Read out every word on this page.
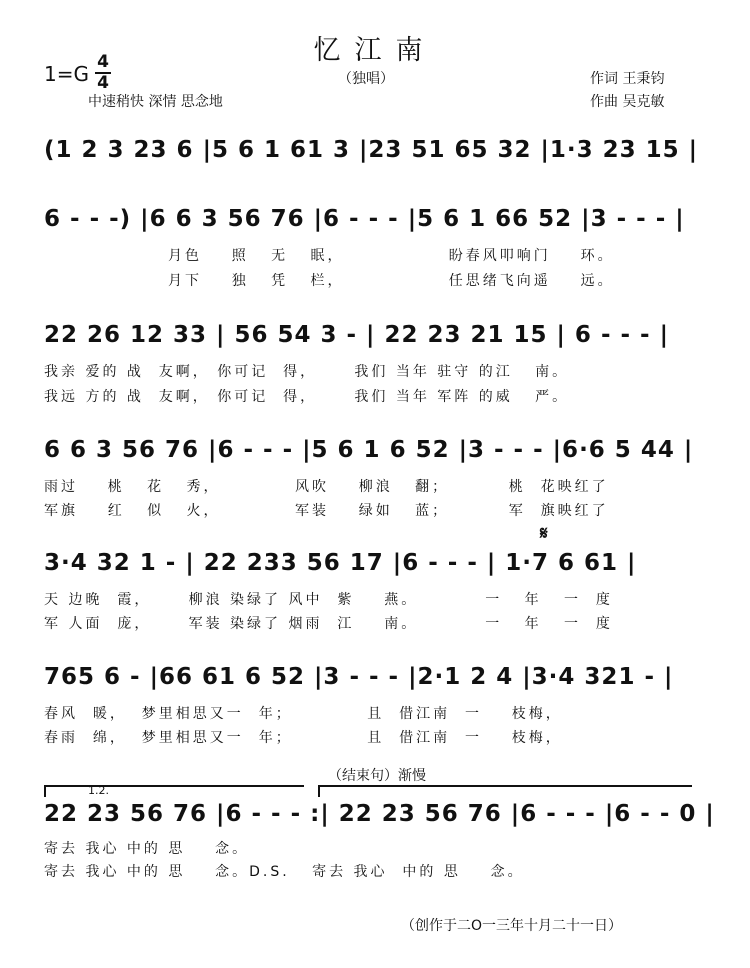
忆江南
1=G 4
4	（独唱）
中速稍快 深情 思念地
作词 王秉钧
作曲 吴克敏
(1 2 3 23 6 |5 6 1 61 3 |23 51 65 32 |1·3 23 15 |
6 - - -) |6 6 3 56 76 |6 - - - |5 6 1 66 52 |3 - - - |
月色    照   无   眠，              盼春风叩响门    环。
月下    独   凭   栏，              任思绪飞向遥    远。
22 26 12 33 | 56 54 3 - | 22 23 21 15 | 6 - - - |
我亲 爱的 战  友啊， 你可记  得，     我们 当年 驻守 的江   南。
我远 方的 战  友啊， 你可记  得，     我们 当年 军阵 的威   严。
6 6 3 56 76 |6 - - - |5 6 1 6 52 |3 - - - |6·6 5 44 |
雨过    桃   花   秀，          风吹    柳浪   翻；        桃  花映红了
军旗    红   似   火，          军装    绿如   蓝；        军  旗映红了
𝄋
3·4 32 1 - | 22 233 56 17 |6 - - - | 1·7 6 61 |
天 边晚  霞，     柳浪 染绿了 风中  紫    燕。         一   年   一  度
军 人面  庞，     军装 染绿了 烟雨  江    南。         一   年   一  度
765 6 - |66 61 6 52 |3 - - - |2·1 2 4 |3·4 321 - |
春风  暖，  梦里相思又一  年；          且  借江南  一    枝梅，
春雨  绵，  梦里相思又一  年；          且  借江南  一    枝梅，
（结束句）渐慢
1.2.
22 23 56 76 |6 - - - :| 22 23 56 76 |6 - - - |6 - - 0 |
寄去 我心 中的 思    念。
寄去 我心 中的 思    念。D.S.   寄去 我心  中的 思    念。
（创作于二O一三年十月二十一日）
